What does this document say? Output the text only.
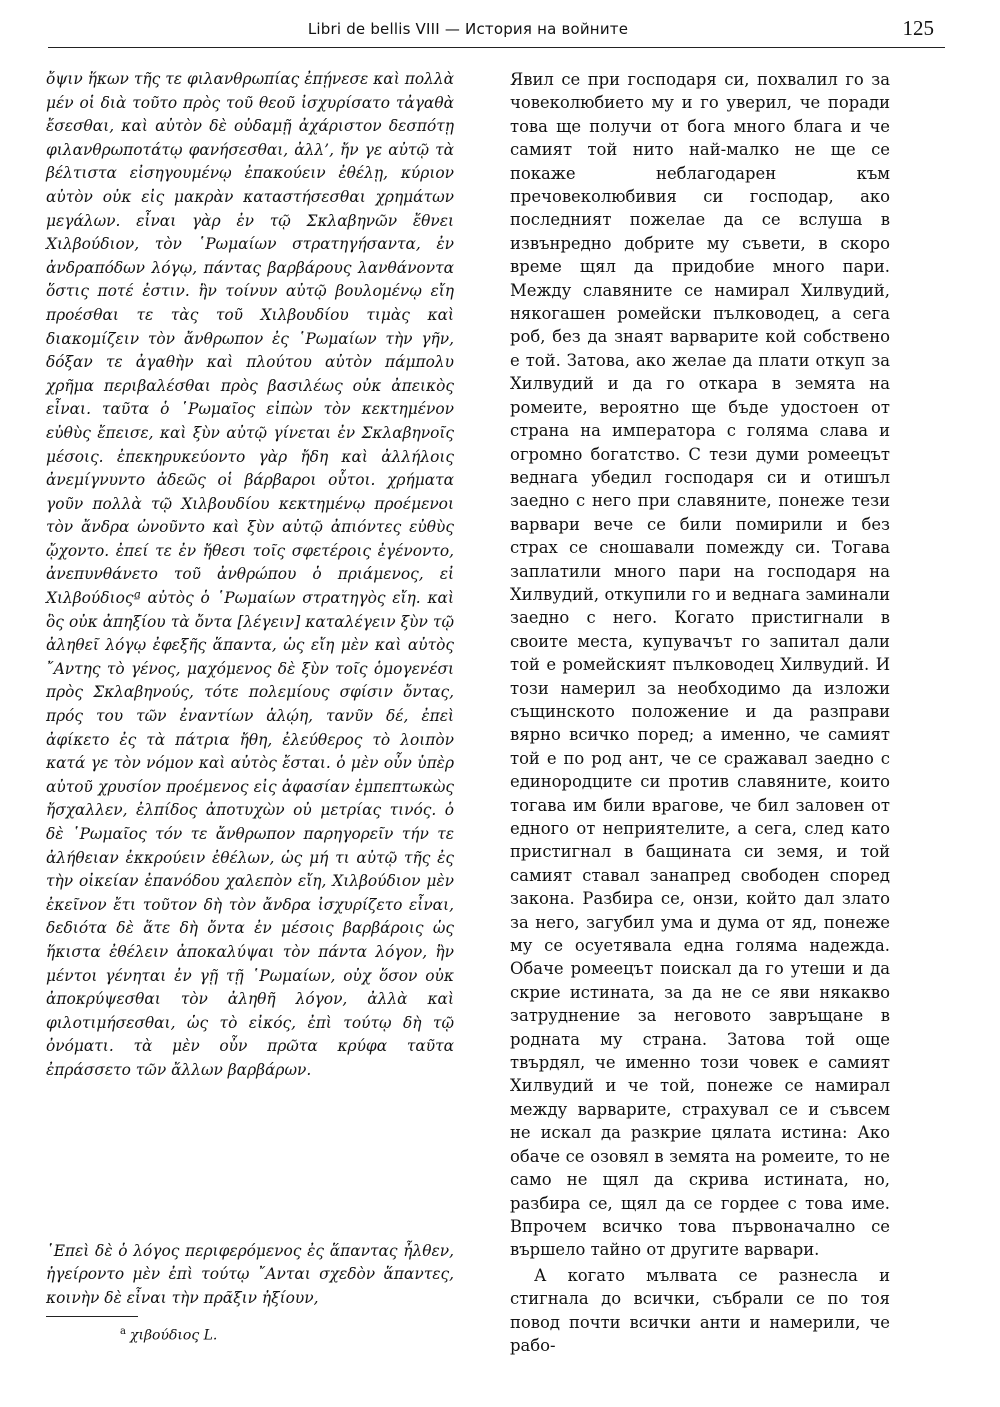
Libri de bellis VIII — История на войните	125

ὄψιν ἥκων τῆς τε φιλανθρωπίας ἐπῄνεσε καὶ πολλὰ μέν οἱ διὰ τοῦτο πρὸς τοῦ θεοῦ ἰσχυρίσατο τἀγαθὰ ἔσεσθαι, καὶ αὐτὸν δὲ οὐδαμῇ ἀχάριστον δεσπότῃ φιλανθρωποτάτῳ φανήσεσθαι, ἀλλ’, ἤν γε αὐτῷ τὰ βέλτιστα εἰσηγουμένῳ ἐπακούειν ἐθέλῃ, κύριον αὐτὸν οὐκ εἰς μακρὰν καταστήσεσθαι χρημάτων μεγάλων. εἶναι γὰρ ἐν τῷ Σκλαβηνῶν ἔθνει Χιλβούδιον, τὸν ῾Ρωμαίων στρατηγήσαντα, ἐν ἀνδραπόδων λόγῳ, πάντας βαρβάρους λανθάνοντα ὅστις ποτέ ἐστιν. ἢν τοίνυν αὐτῷ βουλομένῳ εἴη προέσθαι τε τὰς τοῦ Χιλβουδίου τιμὰς καὶ διακομίζειν τὸν ἄνθρωπον ἐς ῾Ρωμαίων τὴν γῆν, δόξαν τε ἀγαθὴν καὶ πλούτου αὐτὸν πάμπολυ χρῆμα περιβαλέσθαι πρὸς βασιλέως οὐκ ἀπεικὸς εἶναι. ταῦτα ὁ ῾Ρωμαῖος εἰπὼν τὸν κεκτημένον εὐθὺς ἔπεισε, καὶ ξὺν αὐτῷ γίνεται ἐν Σκλαβηνοῖς μέσοις. ἐπεκηρυκεύοντο γὰρ ἤδη καὶ ἀλλήλοις ἀνεμίγνυντο ἀδεῶς οἱ βάρβαροι οὗτοι. χρήματα γοῦν πολλὰ τῷ Χιλβουδίου κεκτημένῳ προέμενοι τὸν ἄνδρα ὠνοῦντο καὶ ξὺν αὐτῷ ἀπιόντες εὐθὺς ᾤχοντο. ἐπεί τε ἐν ἤθεσι τοῖς σφετέροις ἐγένοντο, ἀνεπυνθάνετο τοῦ ἀνθρώπου ὁ πριάμενος, εἰ Χιλβούδιοςª αὐτὸς ὁ ῾Ρωμαίων στρατηγὸς εἴη. καὶ ὃς οὐκ ἀπηξίου τὰ ὄντα [λέγειν] καταλέγειν ξὺν τῷ ἀληθεῖ λόγῳ ἐφεξῆς ἅπαντα, ὡς εἴη μὲν καὶ αὐτὸς ῎Αντης τὸ γένος, μαχόμενος δὲ ξὺν τοῖς ὁμογενέσι πρὸς Σκλαβηνούς, τότε πολεμίους σφίσιν ὄντας, πρός του τῶν ἐναντίων ἁλῴη, τανῦν δέ, ἐπεὶ ἀφίκετο ἐς τὰ πάτρια ἤθη, ἐλεύθερος τὸ λοιπὸν κατά γε τὸν νόμον καὶ αὐτὸς ἔσται. ὁ μὲν οὖν ὑπὲρ αὐτοῦ χρυσίον προέμενος εἰς ἀφασίαν ἐμπεπτωκὼς ἤσχαλλεν, ἐλπίδος ἀποτυχὼν οὐ μετρίας τινός. ὁ δὲ ῾Ρωμαῖος τόν τε ἄνθρωπον παρηγορεῖν τήν τε ἀλήθειαν ἐκκρούειν ἐθέλων, ὡς μή τι αὐτῷ τῆς ἐς τὴν οἰκείαν ἐπανόδου χαλεπὸν εἴη, Χιλβούδιον μὲν ἐκεῖνον ἔτι τοῦτον δὴ τὸν ἄνδρα ἰσχυρίζετο εἶναι, δεδιότα δὲ ἅτε δὴ ὄντα ἐν μέσοις βαρβάροις ὡς ἥκιστα ἐθέλειν ἀποκαλύψαι τὸν πάντα λόγον, ἢν μέντοι γένηται ἐν γῇ τῇ ῾Ρωμαίων, οὐχ ὅσον οὐκ ἀποκρύψεσθαι τὸν ἀληθῆ λόγον, ἀλλὰ καὶ φιλοτιμήσεσθαι, ὡς τὸ εἰκός, ἐπὶ τούτῳ δὴ τῷ ὀνόματι. τὰ μὲν οὖν πρῶτα κρύφα ταῦτα ἐπράσσετο τῶν ἄλλων βαρβάρων.

῾Επεὶ δὲ ὁ λόγος περιφερόμενος ἐς ἅπαντας ἦλθεν, ἠγείροντο μὲν ἐπὶ τούτῳ ῎Ανται σχεδὸν ἅπαντες, κοινὴν δὲ εἶναι τὴν πρᾶξιν ἠξίουν,

$^a$ χιβούδιος L.

Явил се при господаря си, похвалил го за човеколюбието му и го уверил, че поради това ще получи от бога много блага и че самият той нито най-малко не ще се покаже неблагодарен към пречовеколюбивия си господар, ако последният пожелае да се вслуша в извънредно добрите му съвети, в скоро време щял да придобие много пари. Между славяните се намирал Хилвудий, някогашен ромейски пълководец, а сега роб, без да знаят варварите кой собствено е той. Затова, ако желае да плати откуп за Хилвудий и да го откара в земята на ромеите, вероятно ще бъде удостоен от страна на императора с голяма слава и огромно богатство. С тези думи ромеецът веднага убедил господаря си и отишъл заедно с него при славяните, понеже тези варвари вече се били помирили и без страх се сношавали помежду си. Тогава заплатили много пари на господаря на Хилвудий, откупили го и веднага заминали заедно с него. Когато пристигнали в своите места, купувачът го запитал дали той е ромейският пълководец Хилвудий. И този намерил за необходимо да изложи същинското положение и да разправи вярно всичко поред; а именно, че самият той е по род ант, че се сражавал заедно с единородците си против славяните, които тогава им били врагове, че бил заловен от едного от неприятелите, а сега, след като пристигнал в бащината си земя, и той самият ставал занапред свободен според закона. Разбира се, онзи, който дал злато за него, загубил ума и дума от яд, понеже му се осуетявала една голяма надежда. Обаче ромеецът поискал да го утеши и да скрие истината, за да не се яви някакво затруднение за неговото завръщане в родната му страна. Затова той още твърдял, че именно този човек е самият Хилвудий и че той, понеже се намирал между варварите, страхувал се и съвсем не искал да разкрие цялата истина: Ако обаче се озовял в земята на ромеите, то не само не щял да скрива истината, но, разбира се, щял да се гордее с това име. Впрочем всичко това първоначално се вършело тайно от другите варвари.

А когато мълвата се разнесла и стигнала до всички, събрали се по тоя повод почти всички анти и намерили, че рабо-
